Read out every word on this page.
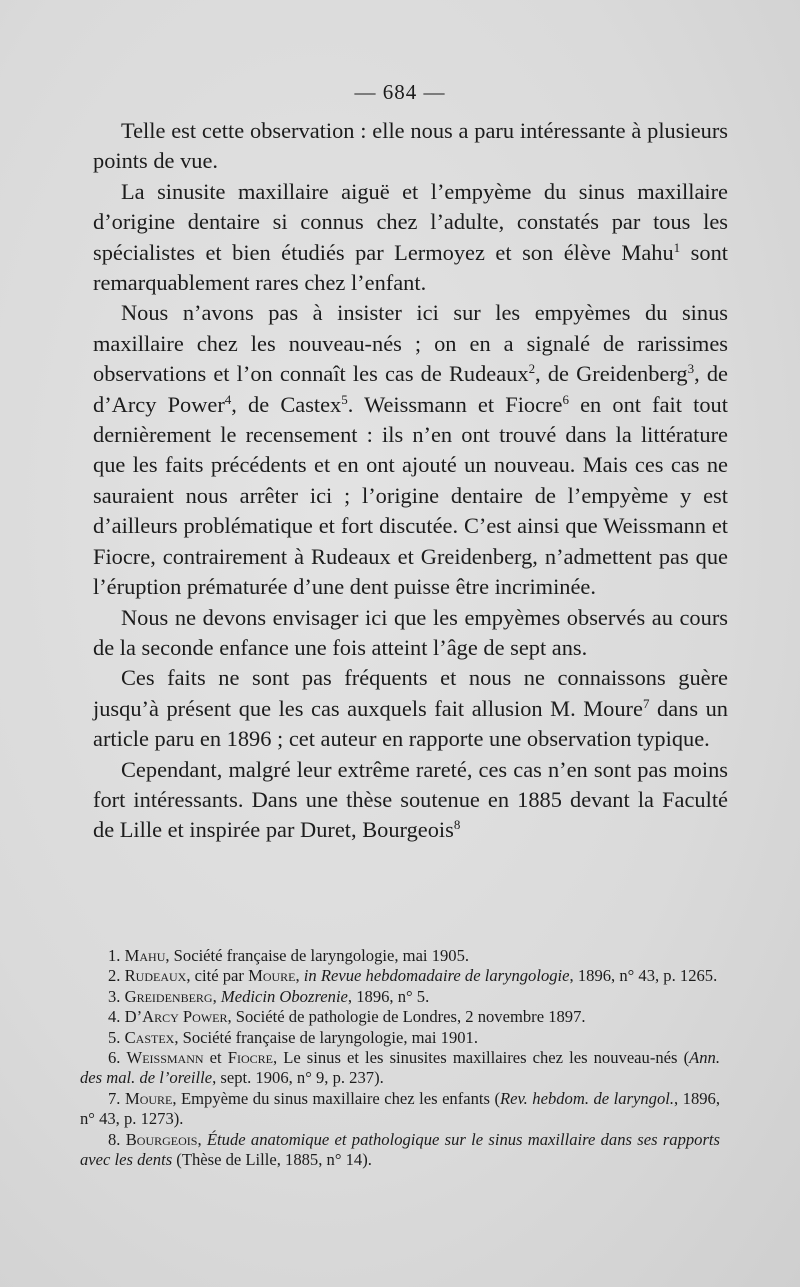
— 684 —

Telle est cette observation : elle nous a paru intéressante à plusieurs points de vue.

La sinusite maxillaire aiguë et l’empyème du sinus maxillaire d’origine dentaire si connus chez l’adulte, constatés par tous les spécialistes et bien étudiés par Lermoyez et son élève Mahu$^1$ sont remarquablement rares chez l’enfant.

Nous n’avons pas à insister ici sur les empyèmes du sinus maxillaire chez les nouveau-nés ; on en a signalé de rarissimes observations et l’on connaît les cas de Rudeaux$^2$, de Greidenberg$^3$, de d’Arcy Power$^4$, de Castex$^5$. Weissmann et Fiocre$^6$ en ont fait tout dernièrement le recensement : ils n’en ont trouvé dans la littérature que les faits précédents et en ont ajouté un nouveau. Mais ces cas ne sauraient nous arrêter ici ; l’origine dentaire de l’empyème y est d’ailleurs problématique et fort discutée. C’est ainsi que Weissmann et Fiocre, contrairement à Rudeaux et Greidenberg, n’admettent pas que l’éruption prématurée d’une dent puisse être incriminée.

Nous ne devons envisager ici que les empyèmes observés au cours de la seconde enfance une fois atteint l’âge de sept ans.

Ces faits ne sont pas fréquents et nous ne connaissons guère jusqu’à présent que les cas auxquels fait allusion M. Moure$^7$ dans un article paru en 1896 ; cet auteur en rapporte une observation typique.

Cependant, malgré leur extrême rareté, ces cas n’en sont pas moins fort intéressants. Dans une thèse soutenue en 1885 devant la Faculté de Lille et inspirée par Duret, Bourgeois$^8$

1. Mahu, Société française de laryngologie, mai 1905.

2. Rudeaux, cité par Moure, in Revue hebdomadaire de laryngologie, 1896, n° 43, p. 1265.

3. Greidenberg, Medicin Obozrenie, 1896, n° 5.

4. D’Arcy Power, Société de pathologie de Londres, 2 novembre 1897.

5. Castex, Société française de laryngologie, mai 1901.

6. Weissmann et Fiocre, Le sinus et les sinusites maxillaires chez les nouveau-nés (Ann. des mal. de l’oreille, sept. 1906, n° 9, p. 237).

7. Moure, Empyème du sinus maxillaire chez les enfants (Rev. hebdom. de laryngol., 1896, n° 43, p. 1273).

8. Bourgeois, Étude anatomique et pathologique sur le sinus maxillaire dans ses rapports avec les dents (Thèse de Lille, 1885, n° 14).
